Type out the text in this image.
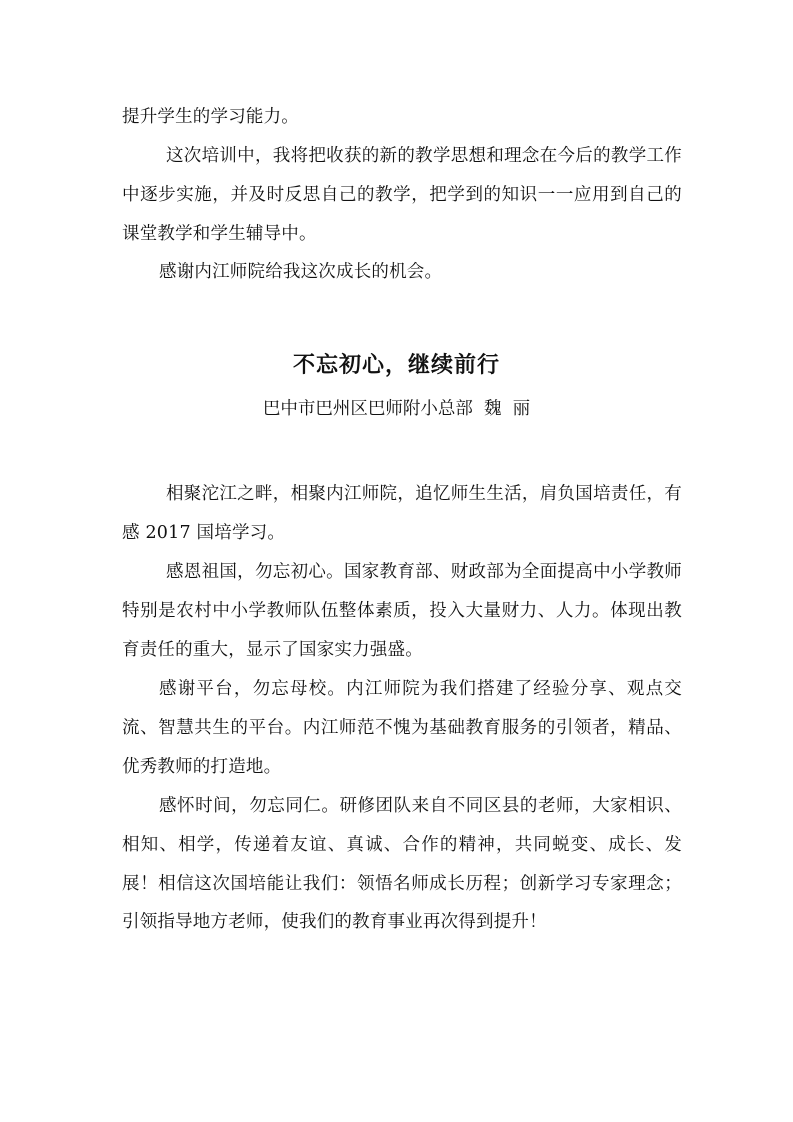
提升学生的学习能力。

这次培训中，我将把收获的新的教学思想和理念在今后的教学工作中逐步实施，并及时反思自己的教学，把学到的知识一一应用到自己的课堂教学和学生辅导中。

感谢内江师院给我这次成长的机会。

不忘初心，继续前行
巴中市巴州区巴师附小总部  魏  丽

相聚沱江之畔，相聚内江师院，追忆师生生活，肩负国培责任，有感 2017 国培学习。

感恩祖国，勿忘初心。国家教育部、财政部为全面提高中小学教师特别是农村中小学教师队伍整体素质，投入大量财力、人力。体现出教育责任的重大，显示了国家实力强盛。

感谢平台，勿忘母校。内江师院为我们搭建了经验分享、观点交流、智慧共生的平台。内江师范不愧为基础教育服务的引领者，精品、优秀教师的打造地。

感怀时间，勿忘同仁。研修团队来自不同区县的老师，大家相识、相知、相学，传递着友谊、真诚、合作的精神，共同蜕变、成长、发展！相信这次国培能让我们：领悟名师成长历程；创新学习专家理念；引领指导地方老师，使我们的教育事业再次得到提升！
